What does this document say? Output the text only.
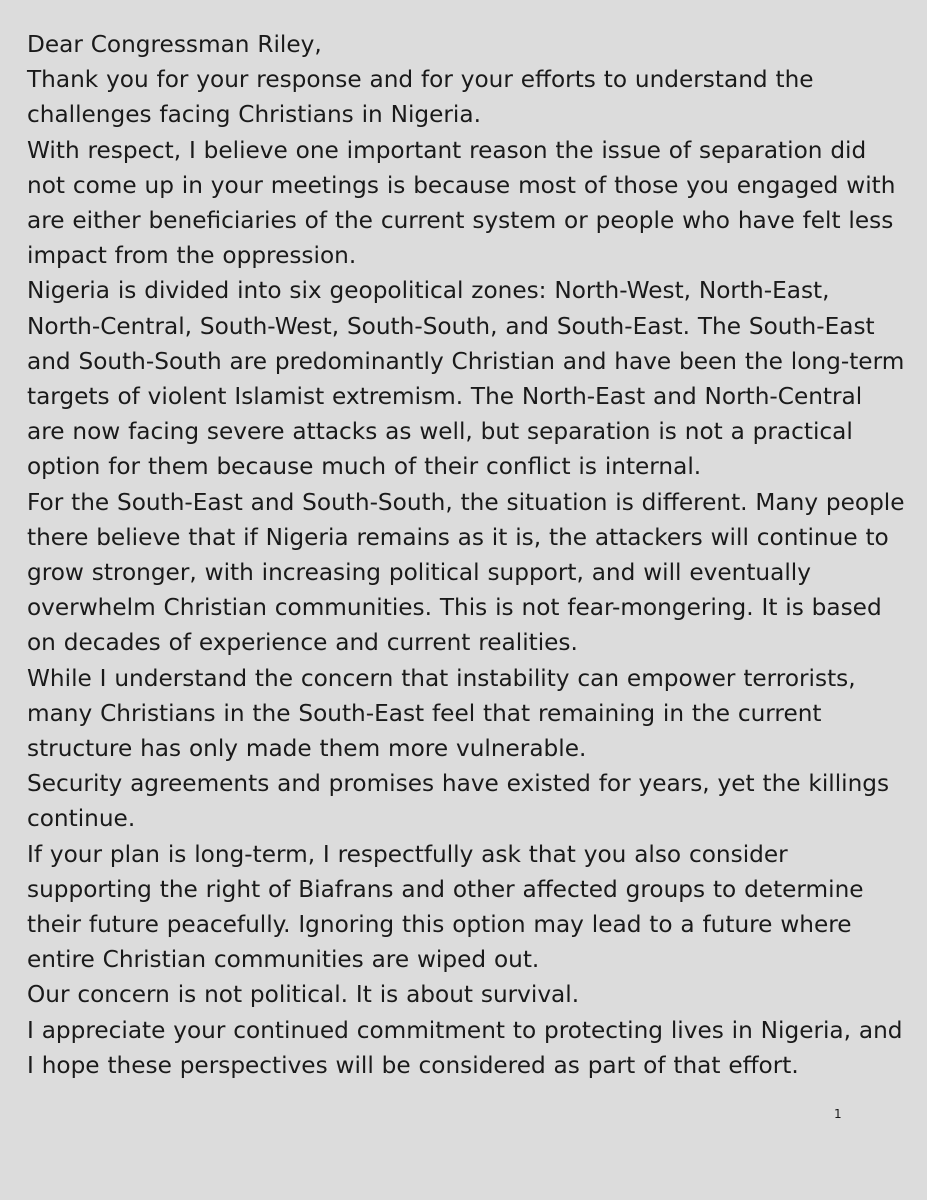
Dear Congressman Riley,

Thank you for your response and for your efforts to understand the challenges facing Christians in Nigeria.

With respect, I believe one important reason the issue of separation did not come up in your meetings is because most of those you engaged with are either beneficiaries of the current system or people who have felt less impact from the oppression.

Nigeria is divided into six geopolitical zones: North-West, North-East, North-Central, South-West, South-South, and South-East. The South-East and South-South are predominantly Christian and have been the long-term targets of violent Islamist extremism. The North-East and North-Central are now facing severe attacks as well, but separation is not a practical option for them because much of their conflict is internal.

For the South-East and South-South, the situation is different. Many people there believe that if Nigeria remains as it is, the attackers will continue to grow stronger, with increasing political support, and will eventually overwhelm Christian communities. This is not fear-mongering. It is based on decades of experience and current realities.

While I understand the concern that instability can empower terrorists, many Christians in the South-East feel that remaining in the current structure has only made them more vulnerable.

Security agreements and promises have existed for years, yet the killings continue.

If your plan is long-term, I respectfully ask that you also consider supporting the right of Biafrans and other affected groups to determine their future peacefully. Ignoring this option may lead to a future where entire Christian communities are wiped out.

Our concern is not political. It is about survival.

I appreciate your continued commitment to protecting lives in Nigeria, and I hope these perspectives will be considered as part of that effort.

1
